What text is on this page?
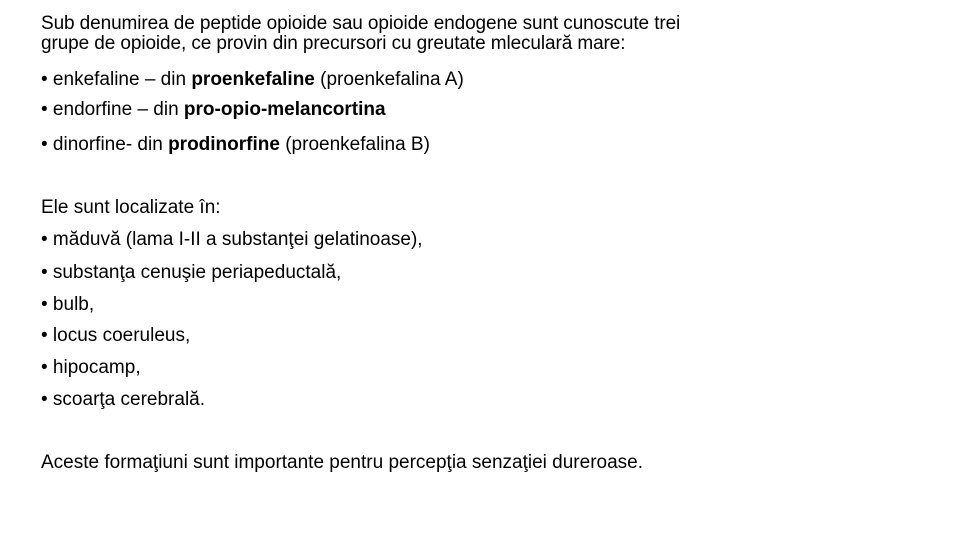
Sub denumirea de peptide opioide sau opioide endogene sunt cunoscute trei
grupe de opioide, ce provin din precursori cu greutate mleculară mare:
• enkefaline – din proenkefaline (proenkefalina A)
• endorfine – din pro-opio-melancortina
• dinorfine- din prodinorfine (proenkefalina B)
Ele sunt localizate în:
• măduvă (lama I-II a substanţei gelatinoase),
• substanţa cenuşie periapeductală,
• bulb,
• locus coeruleus,
• hipocamp,
• scoarţa cerebrală.
Aceste formaţiuni sunt importante pentru percepţia senzaţiei dureroase.
